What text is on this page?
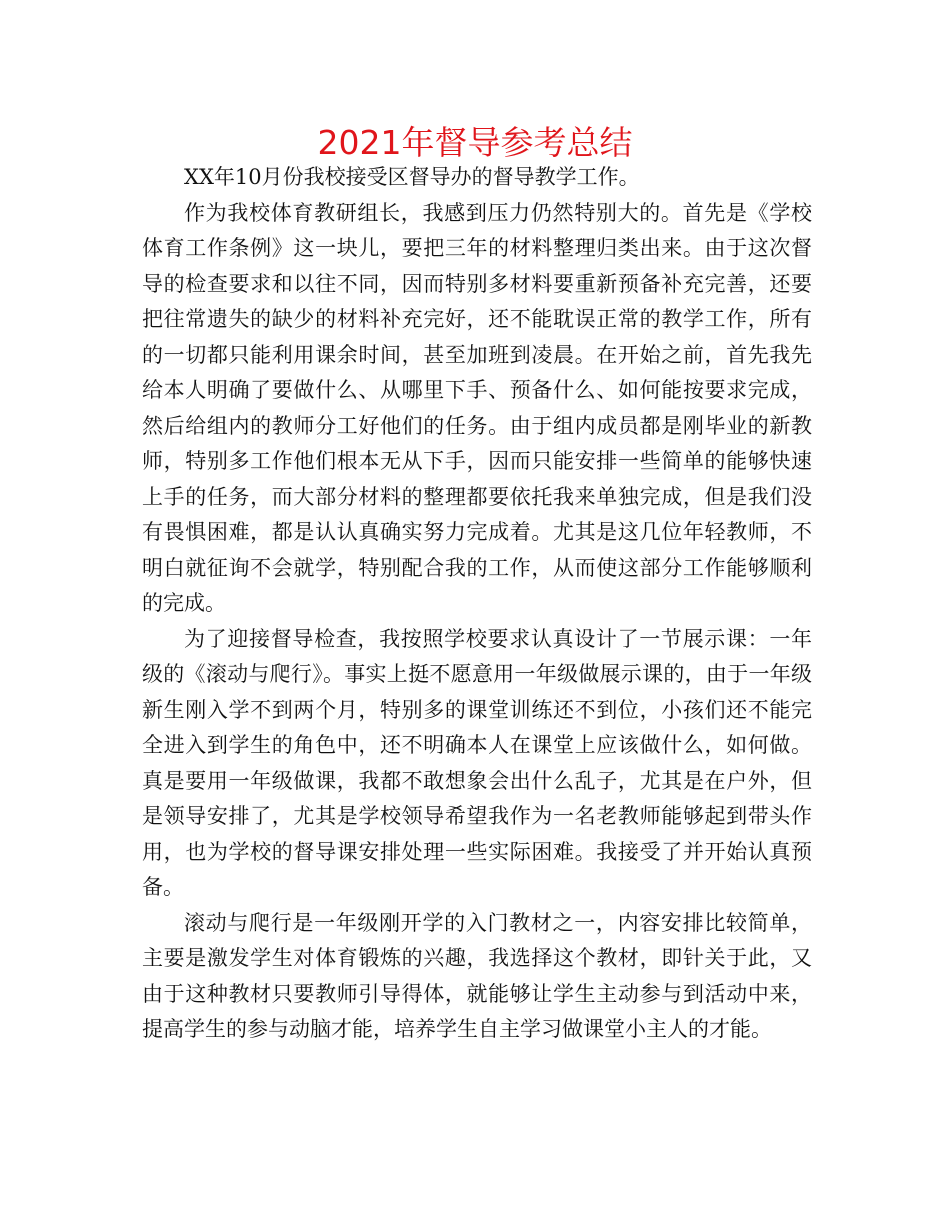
2021年督导参考总结

XX年10月份我校接受区督导办的督导教学工作。

作为我校体育教研组长，我感到压力仍然特别大的。首先是《学校体育工作条例》这一块儿，要把三年的材料整理归类出来。由于这次督导的检查要求和以往不同，因而特别多材料要重新预备补充完善，还要把往常遗失的缺少的材料补充完好，还不能耽误正常的教学工作，所有的一切都只能利用课余时间，甚至加班到凌晨。在开始之前，首先我先给本人明确了要做什么、从哪里下手、预备什么、如何能按要求完成，然后给组内的教师分工好他们的任务。由于组内成员都是刚毕业的新教师，特别多工作他们根本无从下手，因而只能安排一些简单的能够快速上手的任务，而大部分材料的整理都要依托我来单独完成，但是我们没有畏惧困难，都是认认真确实努力完成着。尤其是这几位年轻教师，不明白就征询不会就学，特别配合我的工作，从而使这部分工作能够顺利的完成。

为了迎接督导检查，我按照学校要求认真设计了一节展示课：一年级的《滚动与爬行》。事实上挺不愿意用一年级做展示课的，由于一年级新生刚入学不到两个月，特别多的课堂训练还不到位，小孩们还不能完全进入到学生的角色中，还不明确本人在课堂上应该做什么，如何做。真是要用一年级做课，我都不敢想象会出什么乱子，尤其是在户外，但是领导安排了，尤其是学校领导希望我作为一名老教师能够起到带头作用，也为学校的督导课安排处理一些实际困难。我接受了并开始认真预备。

滚动与爬行是一年级刚开学的入门教材之一，内容安排比较简单，主要是激发学生对体育锻炼的兴趣，我选择这个教材，即针关于此，又由于这种教材只要教师引导得体，就能够让学生主动参与到活动中来，提高学生的参与动脑才能，培养学生自主学习做课堂小主人的才能。
